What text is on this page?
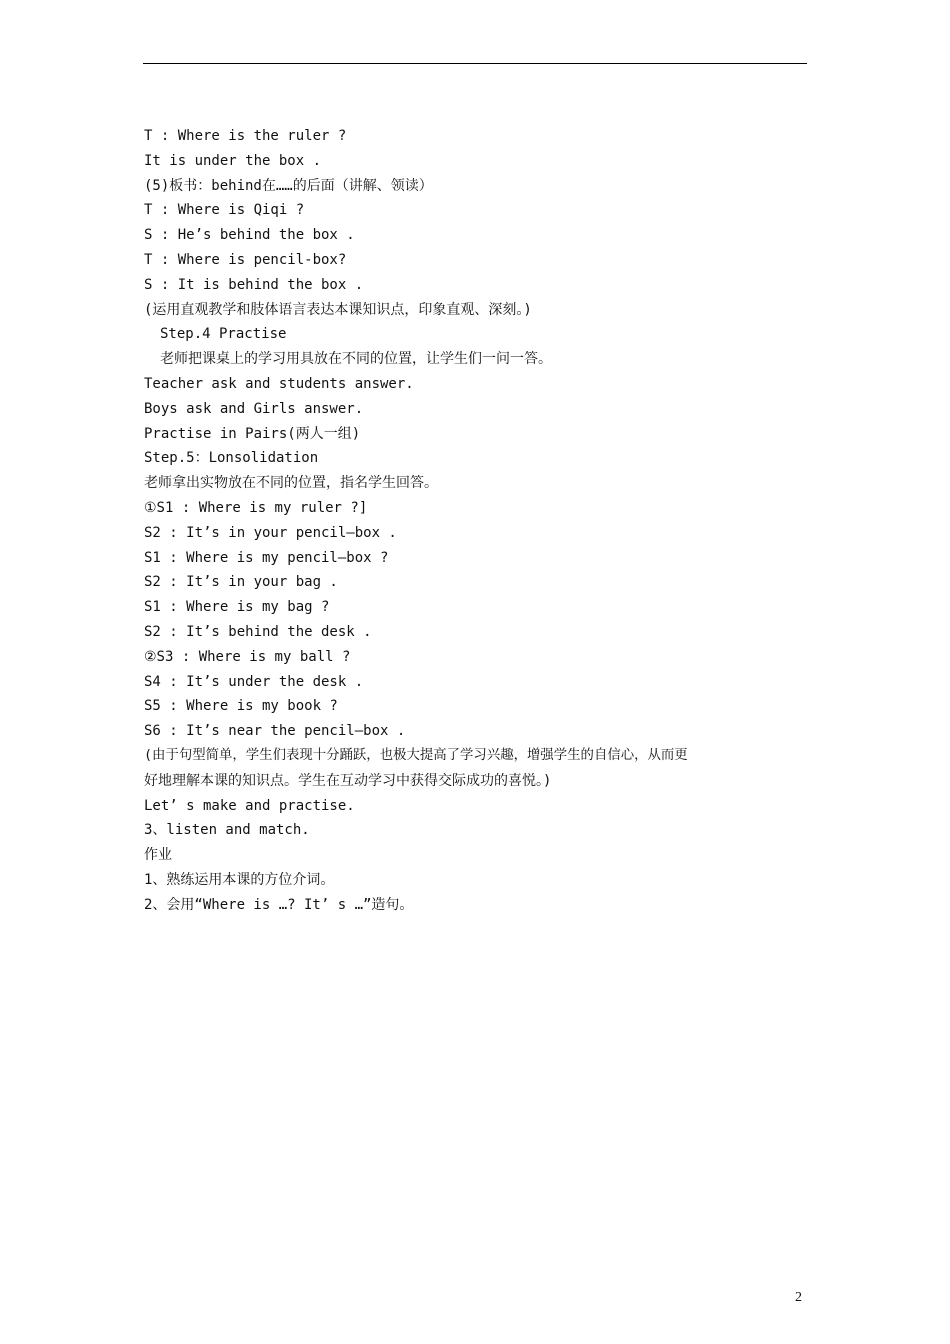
T : Where is the ruler ?
It is under the box .
(5)板书：behind在……的后面（讲解、领读）
T : Where is Qiqi ?
S : He’s behind the box .
T : Where is pencil-box?
S : It is behind the box .
(运用直观教学和肢体语言表达本课知识点，印象直观、深刻。)
Step.4 Practise
老师把课桌上的学习用具放在不同的位置，让学生们一问一答。
Teacher ask and students answer.
Boys ask and Girls answer.
Practise in Pairs(两人一组)
Step.5：Lonsolidation
老师拿出实物放在不同的位置，指名学生回答。
①S1 : Where is my ruler ?]
S2 : It’s in your pencil—box .
S1 : Where is my pencil—box ?
S2 : It’s in your bag .
S1 : Where is my bag ?
S2 : It’s behind the desk .
②S3 : Where is my ball ?
S4 : It’s under the desk .
S5 : Where is my book ?
S6 : It’s near the pencil—box .
(由于句型简单，学生们表现十分踊跃，也极大提高了学习兴趣，增强学生的自信心，从而更
好地理解本课的知识点。学生在互动学习中获得交际成功的喜悦。)
Let’ s make and practise.
3、listen and match.
作业
1、熟练运用本课的方位介词。
2、会用“Where is …? It’ s …”造句。
2
